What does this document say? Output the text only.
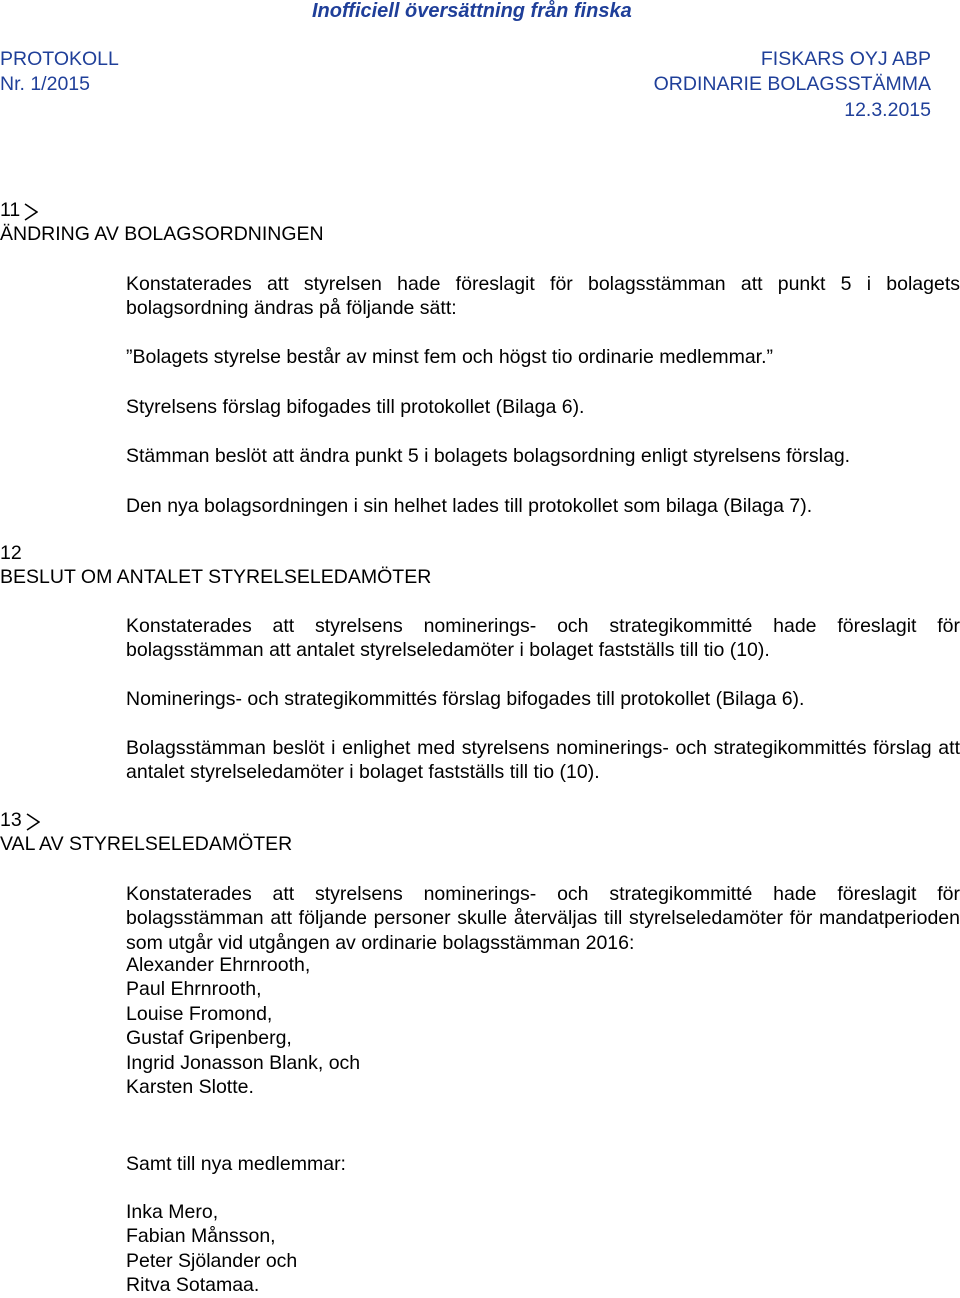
Inofficiell översättning från finska
PROTOKOLL
Nr. 1/2015
FISKARS OYJ ABP
ORDINARIE BOLAGSSTÄMMA
12.3.2015
11
ÄNDRING AV BOLAGSORDNINGEN
Konstaterades att styrelsen hade föreslagit för bolagsstämman att punkt 5 i bolagets bolagsordning ändras på följande sätt:
”Bolagets styrelse består av minst fem och högst tio ordinarie medlemmar.”
Styrelsens förslag bifogades till protokollet (Bilaga 6).
Stämman beslöt att ändra punkt 5 i bolagets bolagsordning enligt styrelsens förslag.
Den nya bolagsordningen i sin helhet lades till protokollet som bilaga (Bilaga 7).
12
BESLUT OM ANTALET STYRELSELEDAMÖTER
Konstaterades att styrelsens nominerings- och strategikommitté hade föreslagit för bolagsstämman att antalet styrelseledamöter i bolaget fastställs till tio (10).
Nominerings- och strategikommittés förslag bifogades till protokollet (Bilaga 6).
Bolagsstämman beslöt i enlighet med styrelsens nominerings- och strategikommittés förslag att antalet styrelseledamöter i bolaget fastställs till tio (10).
13
VAL AV STYRELSELEDAMÖTER
Konstaterades att styrelsens nominerings- och strategikommitté hade föreslagit för bolagsstämman att följande personer skulle återväljas till styrelseledamöter för mandatperioden som utgår vid utgången av ordinarie bolagsstämman 2016:
Alexander Ehrnrooth,
Paul Ehrnrooth,
Louise Fromond,
Gustaf Gripenberg,
Ingrid Jonasson Blank, och
Karsten Slotte.
Samt till nya medlemmar:
Inka Mero,
Fabian Månsson,
Peter Sjölander och
Ritva Sotamaa.
